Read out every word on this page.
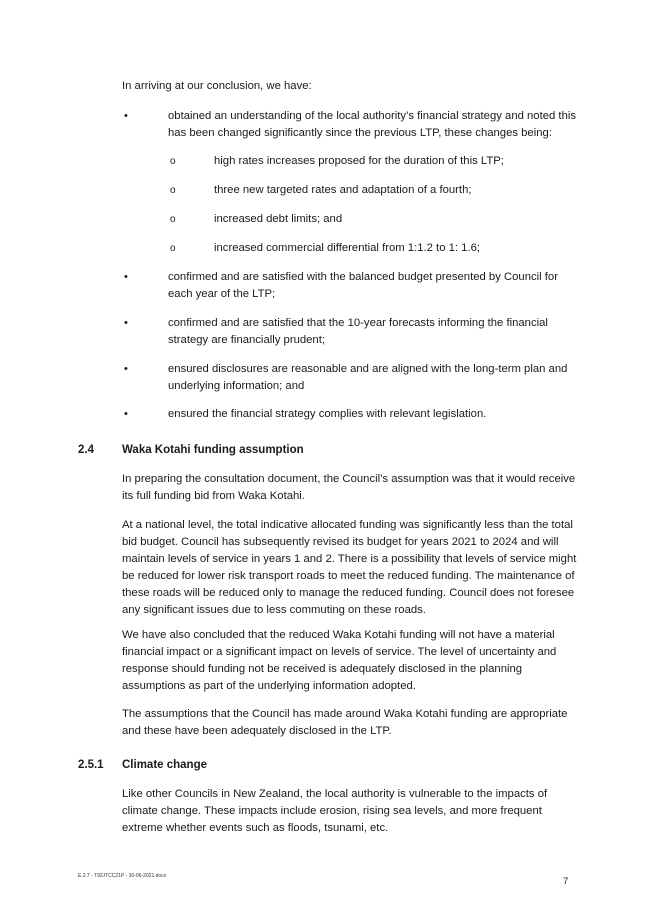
In arriving at our conclusion, we have:
•	obtained an understanding of the local authority’s financial strategy and noted this has been changed significantly since the previous LTP, these changes being:
o	high rates increases proposed for the duration of this LTP;
o	three new targeted rates and adaptation of a fourth;
o	increased debt limits; and
o	increased commercial differential from 1:1.2 to 1: 1.6;
•	confirmed and are satisfied with the balanced budget presented by Council for each year of the LTP;
•	confirmed and are satisfied that the 10-year forecasts informing the financial strategy are financially prudent;
•	ensured disclosures are reasonable and are aligned with the long-term plan and underlying information; and
•	ensured the financial strategy complies with relevant legislation.
2.4 Waka Kotahi funding assumption
In preparing the consultation document, the Council’s assumption was that it would receive its full funding bid from Waka Kotahi.
At a national level, the total indicative allocated funding was significantly less than the total bid budget. Council has subsequently revised its budget for years 2021 to 2024 and will maintain levels of service in years 1 and 2. There is a possibility that levels of service might be reduced for lower risk transport roads to meet the reduced funding. The maintenance of these roads will be reduced only to manage the reduced funding. Council does not foresee any significant issues due to less commuting on these roads.
We have also concluded that the reduced Waka Kotahi funding will not have a material financial impact or a significant impact on levels of service. The level of uncertainty and response should funding not be received is adequately disclosed in the planning assumptions as part of the underlying information adopted.
The assumptions that the Council has made around Waka Kotahi funding are appropriate and these have been adequately disclosed in the LTP.
2.5.1 Climate change
Like other Councils in New Zealand, the local authority is vulnerable to the impacts of climate change. These impacts include erosion, rising sea levels, and more frequent extreme whether events such as floods, tsunami, etc.
E.2.7 - T92JTCC21P - 30-06-2021.docx	7
